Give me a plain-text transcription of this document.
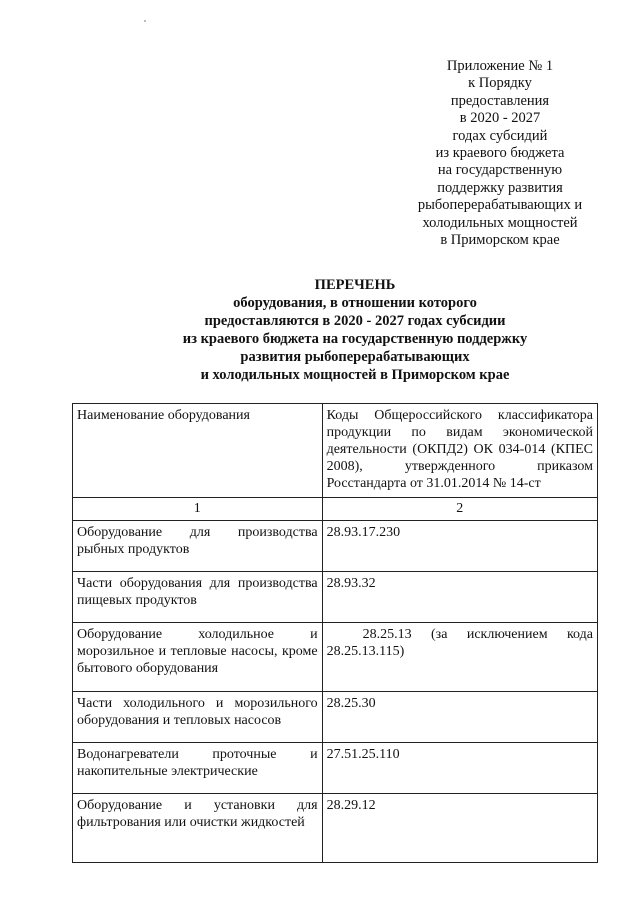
Приложение № 1
к Порядку
предоставления
в 2020 - 2027
годах субсидий
из краевого бюджета
на государственную
поддержку развития
рыбоперерабатывающих и
холодильных мощностей
в Приморском крае
ПЕРЕЧЕНЬ
оборудования, в отношении которого
предоставляются в 2020 - 2027 годах субсидии
из краевого бюджета на государственную поддержку
развития рыбоперерабатывающих
и холодильных мощностей в Приморском крае
Наименование оборудования	Коды Общероссийского классификатора продукции по видам экономической деятельности (ОКПД2) ОК 034-014 (КПЕС 2008), утвержденного приказом Росстандарта от 31.01.2014 № 14-ст
1	2
Оборудование для производства рыбных продуктов	28.93.17.230
Части оборудования для производства пищевых продуктов	28.93.32
Оборудование холодильное и морозильное и тепловые насосы, кроме бытового оборудования	28.25.13 (за исключением кода 28.25.13.115)
Части холодильного и морозильного оборудования и тепловых насосов	28.25.30
Водонагреватели проточные и накопительные электрические	27.51.25.110
Оборудование и установки для фильтрования или очистки жидкостей	28.29.12
